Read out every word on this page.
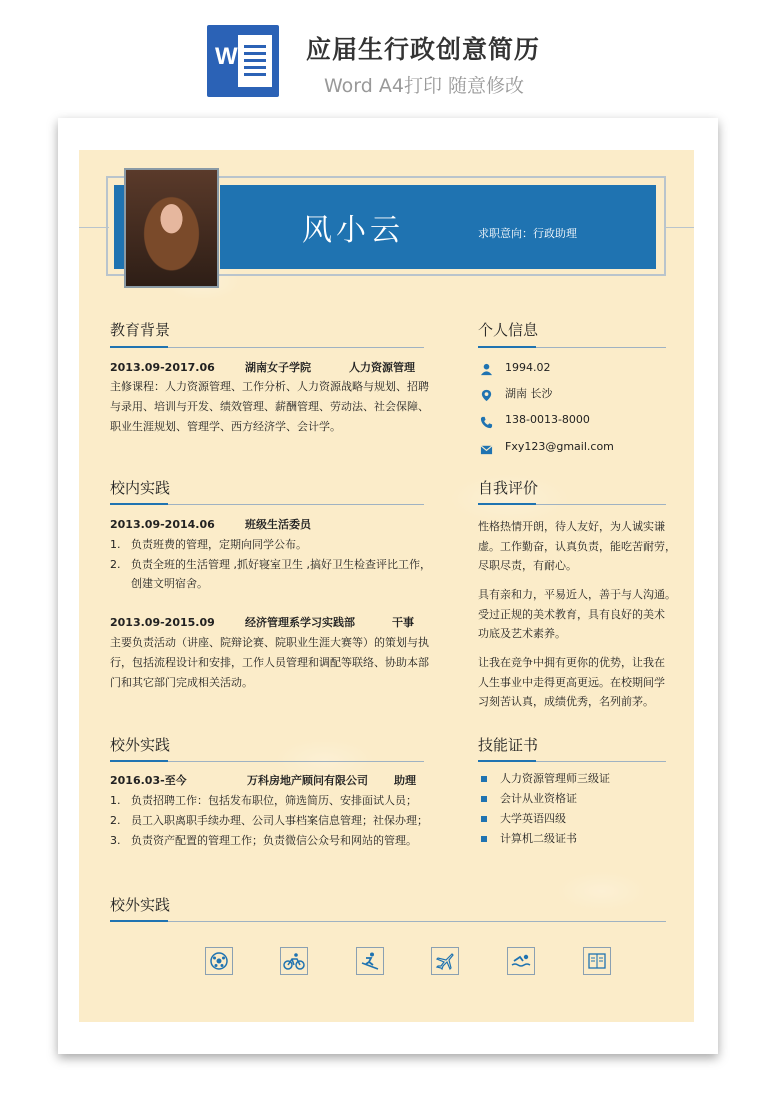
W	应届生行政创意简历
Word A4打印 随意修改
风小云	求职意向：行政助理
教育背景
2013.09-2017.06	湖南女子学院	人力资源管理
主修课程：人力资源管理、工作分析、人力资源战略与规划、招聘
与录用、培训与开发、绩效管理、薪酬管理、劳动法、社会保障、
职业生涯规划、管理学、西方经济学、会计学。
校内实践
2013.09-2014.06	班级生活委员
1. 负责班费的管理，定期向同学公布。
2. 负责全班的生活管理 ,抓好寝室卫生 ,搞好卫生检查评比工作，
创建文明宿舍。
2013.09-2015.09	经济管理系学习实践部	干事
主要负责活动（讲座、院辩论赛、院职业生涯大赛等）的策划与执
行，包括流程设计和安排，工作人员管理和调配等联络、协助本部
门和其它部门完成相关活动。
校外实践
2016.03-至今	万科房地产顾问有限公司 助理
1. 负责招聘工作：包括发布职位，筛选简历、安排面试人员；
2. 员工入职离职手续办理、公司人事档案信息管理；社保办理；
3. 负责资产配置的管理工作；负责微信公众号和网站的管理。
个人信息
1994.02
湖南 长沙
138-0013-8000
Fxy123@gmail.com
自我评价
性格热情开朗，待人友好，为人诚实谦
虚。工作勤奋，认真负责，能吃苦耐劳，
尽职尽责，有耐心。
具有亲和力，平易近人，善于与人沟通。
受过正规的美术教育，具有良好的美术
功底及艺术素养。
让我在竞争中拥有更你的优势，让我在
人生事业中走得更高更远。在校期间学
习刻苦认真，成绩优秀，名列前茅。
技能证书
人力资源管理师三级证
会计从业资格证
大学英语四级
计算机二级证书
校外实践
